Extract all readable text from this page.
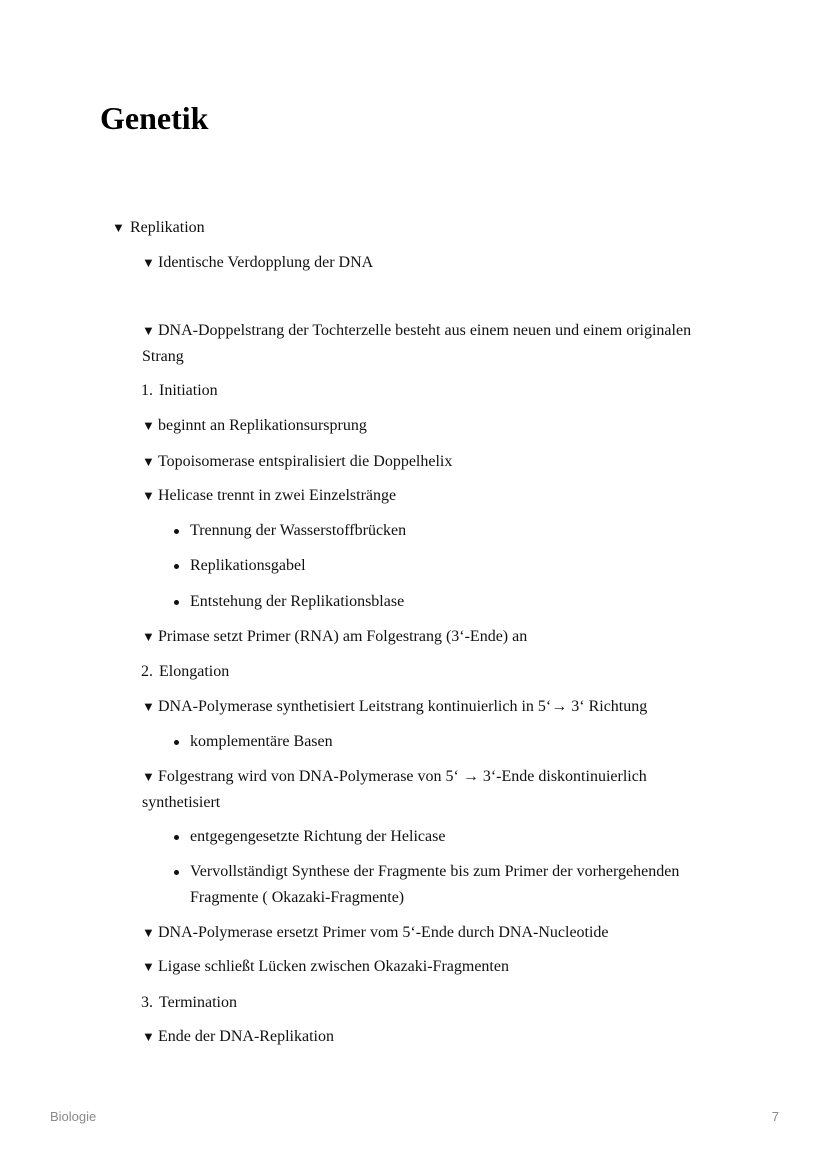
Genetik
▼ Replikation
▼ Identische Verdopplung der DNA
▼ DNA-Doppelstrang der Tochterzelle besteht aus einem neuen und einem originalen Strang
1. Initiation
▼ beginnt an Replikationsursprung
▼ Topoisomerase entspiralisiert die Doppelhelix
▼ Helicase trennt in zwei Einzelstränge
Trennung der Wasserstoffbrücken
Replikationsgabel
Entstehung der Replikationsblase
▼ Primase setzt Primer (RNA) am Folgestrang (3‘-Ende) an
2. Elongation
▼ DNA-Polymerase synthetisiert Leitstrang kontinuierlich in 5‘→ 3‘ Richtung
komplementäre Basen
▼ Folgestrang wird von DNA-Polymerase von 5‘ → 3‘-Ende diskontinuierlich synthetisiert
entgegengesetzte Richtung der Helicase
Vervollständigt Synthese der Fragmente bis zum Primer der vorhergehenden Fragmente ( Okazaki-Fragmente)
▼ DNA-Polymerase ersetzt Primer vom 5‘-Ende durch DNA-Nucleotide
▼ Ligase schließt Lücken zwischen Okazaki-Fragmenten
3. Termination
▼ Ende der DNA-Replikation
Biologie	7
